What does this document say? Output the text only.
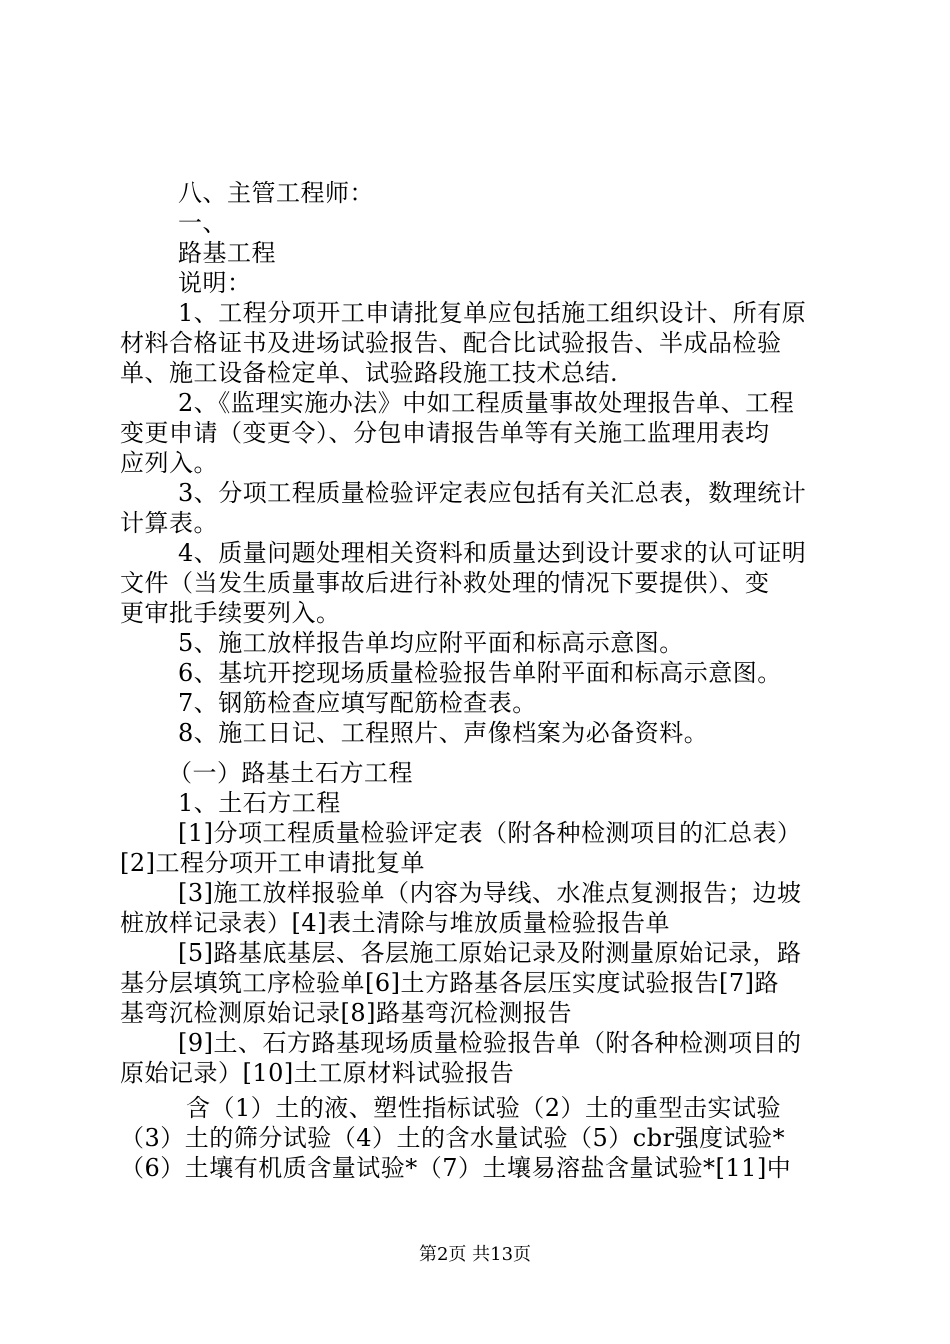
八、主管工程师：
一、
路基工程
说明：
1、工程分项开工申请批复单应包括施工组织设计、所有原
材料合格证书及进场试验报告、配合比试验报告、半成品检验
单、施工设备检定单、试验路段施工技术总结.
2、《监理实施办法》中如工程质量事故处理报告单、工程
变更申请（变更令）、分包申请报告单等有关施工监理用表均
应列入。
3、分项工程质量检验评定表应包括有关汇总表，数理统计
计算表。
4、质量问题处理相关资料和质量达到设计要求的认可证明
文件（当发生质量事故后进行补救处理的情况下要提供）、变
更审批手续要列入。
5、施工放样报告单均应附平面和标高示意图。
6、基坑开挖现场质量检验报告单附平面和标高示意图。
7、钢筋检查应填写配筋检查表。
8、施工日记、工程照片、声像档案为必备资料。
（一）路基土石方工程
1、土石方工程
[1]分项工程质量检验评定表（附各种检测项目的汇总表）
[2]工程分项开工申请批复单
[3]施工放样报验单（内容为导线、水准点复测报告；边坡
桩放样记录表）[4]表土清除与堆放质量检验报告单
[5]路基底基层、各层施工原始记录及附测量原始记录，路
基分层填筑工序检验单[6]土方路基各层压实度试验报告[7]路
基弯沉检测原始记录[8]路基弯沉检测报告
[9]土、石方路基现场质量检验报告单（附各种检测项目的
原始记录）[10]土工原材料试验报告
含（1）土的液、塑性指标试验（2）土的重型击实试验
（3）土的筛分试验（4）土的含水量试验（5）cbr强度试验*
（6）土壤有机质含量试验*（7）土壤易溶盐含量试验*[11]中
第2页 共13页
